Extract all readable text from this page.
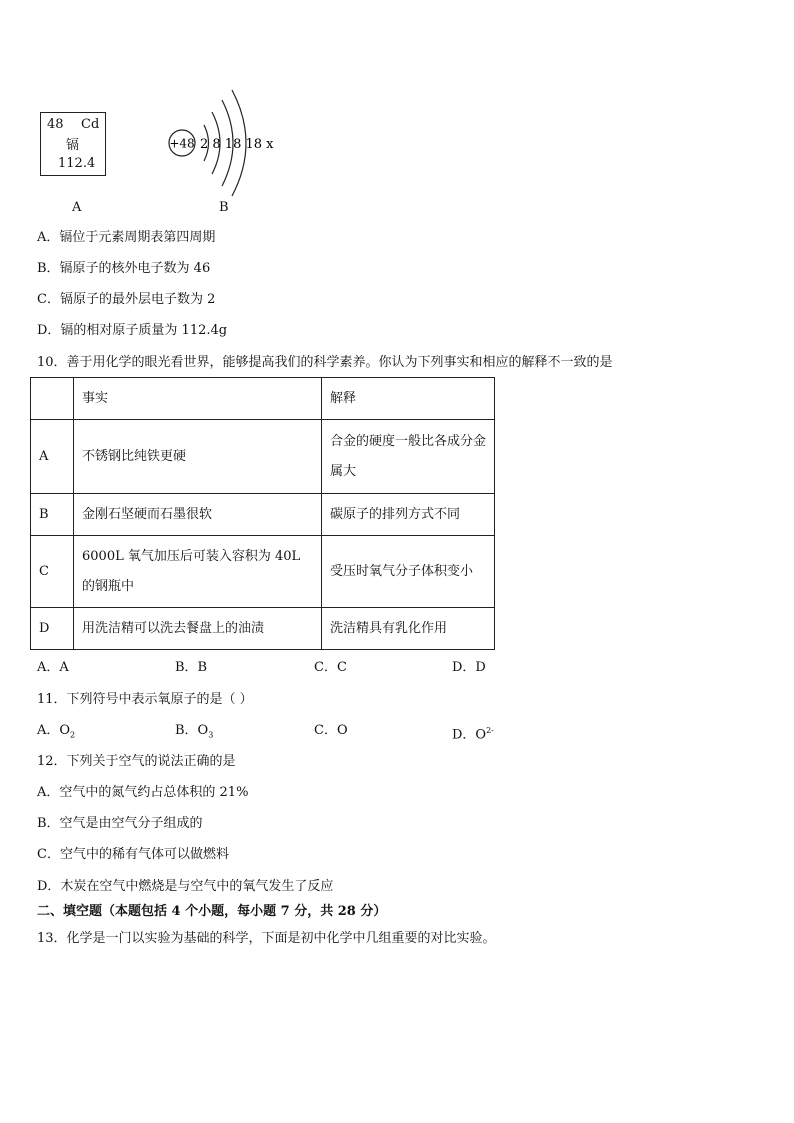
48 Cd
镉
112.4
+48 2 8 18 18 x
A	B
A．镉位于元素周期表第四周期
B．镉原子的核外电子数为 46
C．镉原子的最外层电子数为 2
D．镉的相对原子质量为 112.4g
10．善于用化学的眼光看世界，能够提高我们的科学素养。你认为下列事实和相应的解释不一致的是
	事实	解释
A	不锈钢比纯铁更硬	合金的硬度一般比各成分金属大
B	金刚石坚硬而石墨很软	碳原子的排列方式不同
C	6000L 氧气加压后可装入容积为 40L 的钢瓶中	受压时氧气分子体积变小
D	用洗洁精可以洗去餐盘上的油渍	洗洁精具有乳化作用
A．A	B．B	C．C	D．D
11．下列符号中表示氧原子的是（ ）
A．$O_2$	B．$O_3$	C．O	D．$O^{2-}$
12．下列关于空气的说法正确的是
A．空气中的氮气约占总体积的 21%
B．空气是由空气分子组成的
C．空气中的稀有气体可以做燃料
D．木炭在空气中燃烧是与空气中的氧气发生了反应
二、填空题（本题包括 4 个小题，每小题 7 分，共 28 分）
13．化学是一门以实验为基础的科学，下面是初中化学中几组重要的对比实验。
